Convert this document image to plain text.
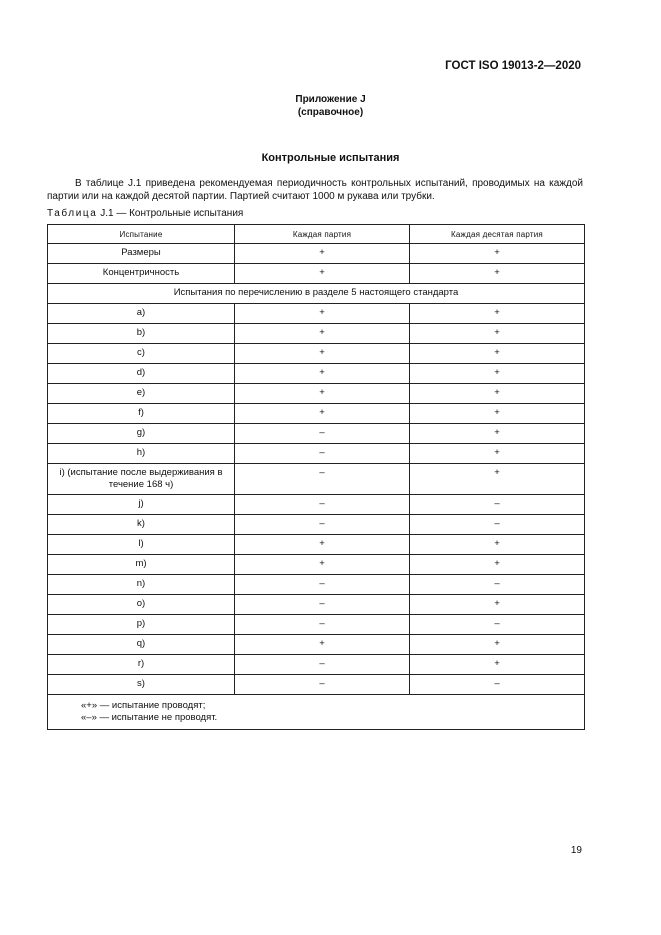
ГОСТ ISO 19013-2—2020
Приложение J
(справочное)
Контрольные испытания

В таблице J.1 приведена рекомендуемая периодичность контрольных испытаний, проводимых на каждой партии или на каждой десятой партии. Партией считают 1000 м рукава или трубки.

Таблица J.1 — Контрольные испытания
Испытание	Каждая партия	Каждая десятая партия
Размеры	+	+
Концентричность	+	+
Испытания по перечислению в разделе 5 настоящего стандарта		
a)	+	+
b)	+	+
c)	+	+
d)	+	+
e)	+	+
f)	+	+
g)	–	+
h)	–	+
i) (испытание после выдерживания в течение 168 ч)	–	+
j)	–	–
k)	–	–
l)	+	+
m)	+	+
n)	–	–
o)	–	+
p)	–	–
q)	+	+
r)	–	+
s)	–	–

«+» — испытание проводят;
«–» — испытание не проводят.		
19
